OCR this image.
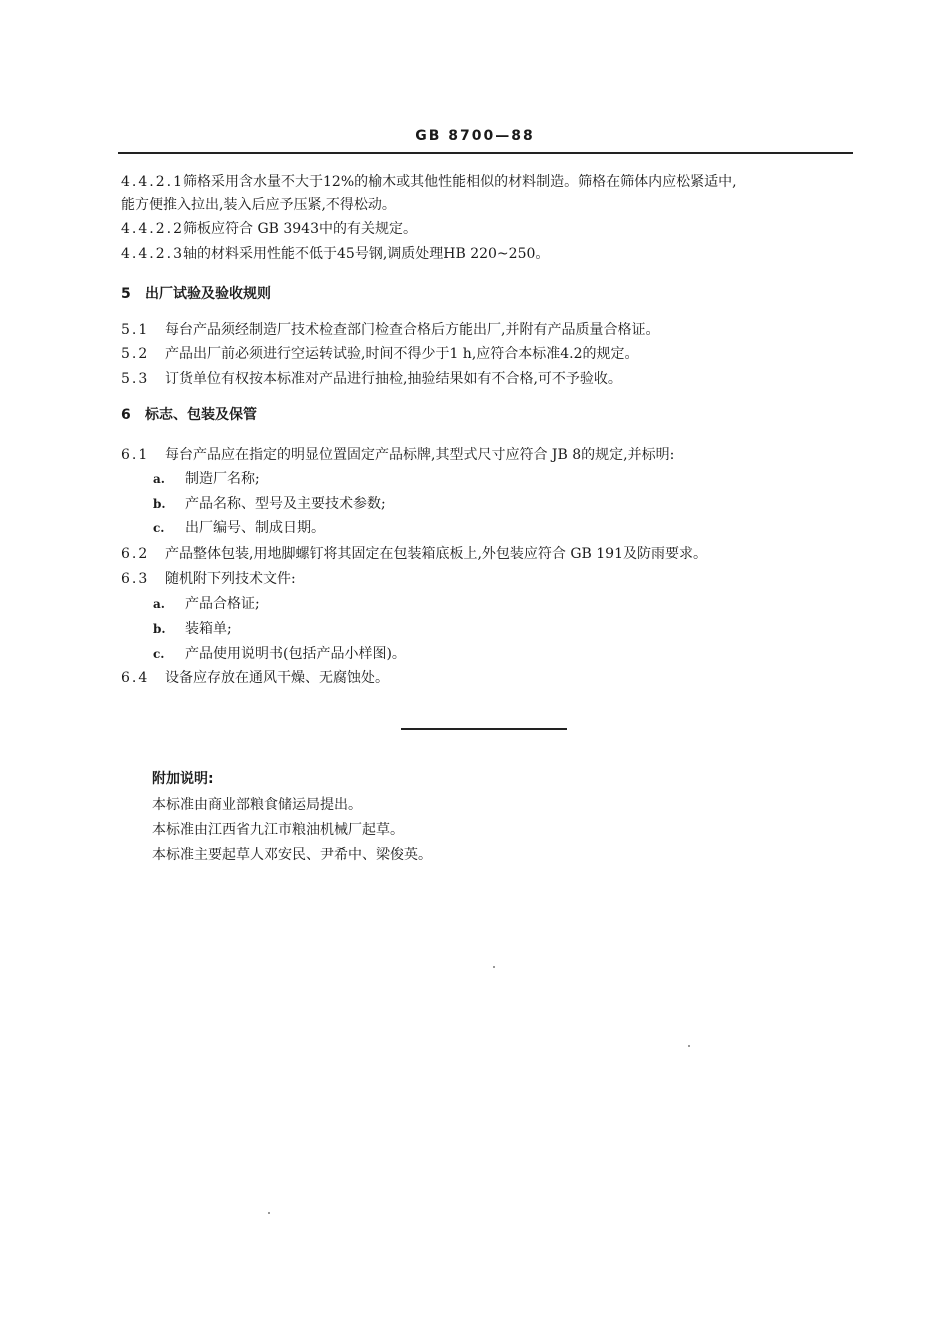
GB 8700—88
4.4.2.1筛格采用含水量不大于12%的榆木或其他性能相似的材料制造。筛格在筛体内应松紧适中,
能方便推入拉出,装入后应予压紧,不得松动。
4.4.2.2筛板应符合 GB 3943中的有关规定。
4.4.2.3轴的材料采用性能不低于45号钢,调质处理HB 220~250。
5 出厂试验及验收规则
5.1 每台产品须经制造厂技术检查部门检查合格后方能出厂,并附有产品质量合格证。
5.2 产品出厂前必须进行空运转试验,时间不得少于1 h,应符合本标准4.2的规定。
5.3 订货单位有权按本标准对产品进行抽检,抽验结果如有不合格,可不予验收。
6 标志、包装及保管
6.1 每台产品应在指定的明显位置固定产品标牌,其型式尺寸应符合 JB 8的规定,并标明:
a. 制造厂名称;
b. 产品名称、型号及主要技术参数;
c. 出厂编号、制成日期。
6.2 产品整体包装,用地脚螺钉将其固定在包装箱底板上,外包装应符合 GB 191及防雨要求。
6.3 随机附下列技术文件:
a. 产品合格证;
b. 装箱单;
c. 产品使用说明书(包括产品小样图)。
6.4 设备应存放在通风干燥、无腐蚀处。
附加说明:
本标准由商业部粮食储运局提出。
本标准由江西省九江市粮油机械厂起草。
本标准主要起草人邓安民、尹希中、梁俊英。
